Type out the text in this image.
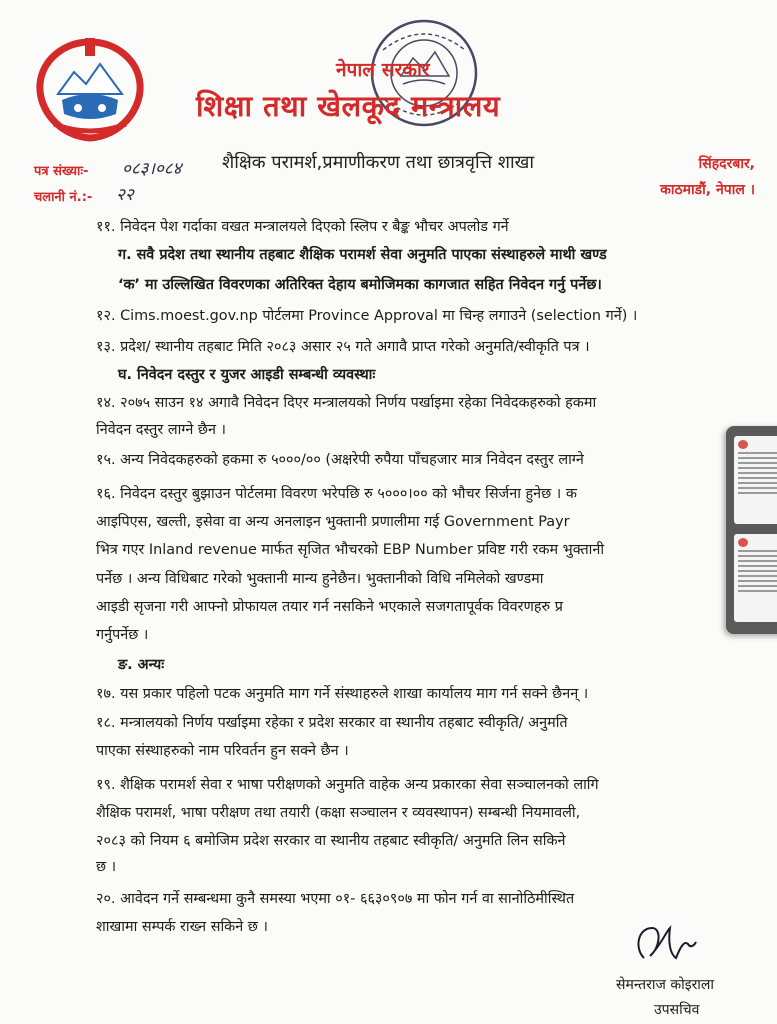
नेपाल सरकार
शिक्षा तथा खेलकूद मन्त्रालय
शैक्षिक परामर्श,प्रमाणीकरण तथा छात्रवृत्ति शाखा
पत्र संख्याः- ०८३।०८४
चलानी नं.:- २२
सिंहदरबार,
काठमाडौं, नेपाल ।
११. निवेदन पेश गर्दाका वखत मन्त्रालयले दिएको स्लिप र बैङ्क भौचर अपलोड गर्ने
ग. सवै प्रदेश तथा स्थानीय तहबाट शैक्षिक परामर्श सेवा अनुमति पाएका संस्थाहरुले माथी खण्ड
‘क’ मा उल्लिखित विवरणका अतिरिक्त देहाय बमोजिमका कागजात सहित निवेदन गर्नु पर्नेछ।
१२. Cims.moest.gov.np पोर्टलमा Province Approval मा चिन्ह लगाउने (selection गर्ने) ।
१३. प्रदेश/ स्थानीय तहबाट मिति २०८३ असार २५ गते अगावै प्राप्त गरेको अनुमति/स्वीकृति पत्र ।
घ. निवेदन दस्तुर र युजर आइडी सम्बन्धी व्यवस्थाः
१४. २०७५ साउन १४ अगावै निवेदन दिएर मन्त्रालयको निर्णय पर्खाइमा रहेका निवेदकहरुको हकमा
निवेदन दस्तुर लाग्ने छैन ।
१५. अन्य निवेदकहरुको हकमा रु ५०००/०० (अक्षरेपी रुपैया पाँचहजार मात्र निवेदन दस्तुर लाग्ने
१६. निवेदन दस्तुर बुझाउन पोर्टलमा विवरण भरेपछि रु ५०००।०० को भौचर सिर्जना हुनेछ । क
आइपिएस, खल्ती, इसेवा वा अन्य अनलाइन भुक्तानी प्रणालीमा गई Government Payr
भित्र गएर Inland revenue मार्फत सृजित भौचरको EBP Number प्रविष्ट गरी रकम भुक्तानी
पर्नेछ । अन्य विधिबाट गरेको भुक्तानी मान्य हुनेछैन। भुक्तानीको विधि नमिलेको खण्डमा
आइडी सृजना गरी आफ्नो प्रोफायल तयार गर्न नसकिने भएकाले सजगतापूर्वक विवरणहरु प्र
गर्नुपर्नेछ ।
ङ. अन्यः
१७. यस प्रकार पहिलो पटक अनुमति माग गर्ने संस्थाहरुले शाखा कार्यालय माग गर्न सक्ने छैनन् ।
१८. मन्त्रालयको निर्णय पर्खाइमा रहेका र प्रदेश सरकार वा स्थानीय तहबाट स्वीकृति/ अनुमति
पाएका संस्थाहरुको नाम परिवर्तन हुन सक्ने छैन ।
१९. शैक्षिक परामर्श सेवा र भाषा परीक्षणको अनुमति वाहेक अन्य प्रकारका सेवा सञ्चालनको लागि
शैक्षिक परामर्श, भाषा परीक्षण तथा तयारी (कक्षा सञ्चालन र व्यवस्थापन) सम्बन्धी नियमावली,
२०८३ को नियम ६ बमोजिम प्रदेश सरकार वा स्थानीय तहबाट स्वीकृति/ अनुमति लिन सकिने
छ ।
२०. आवेदन गर्ने सम्बन्धमा कुनै समस्या भएमा ०१- ६६३०९०७ मा फोन गर्न वा सानोठिमीस्थित
शाखामा सम्पर्क राख्न सकिने छ ।
सेमन्तराज कोइराला
उपसचिव
